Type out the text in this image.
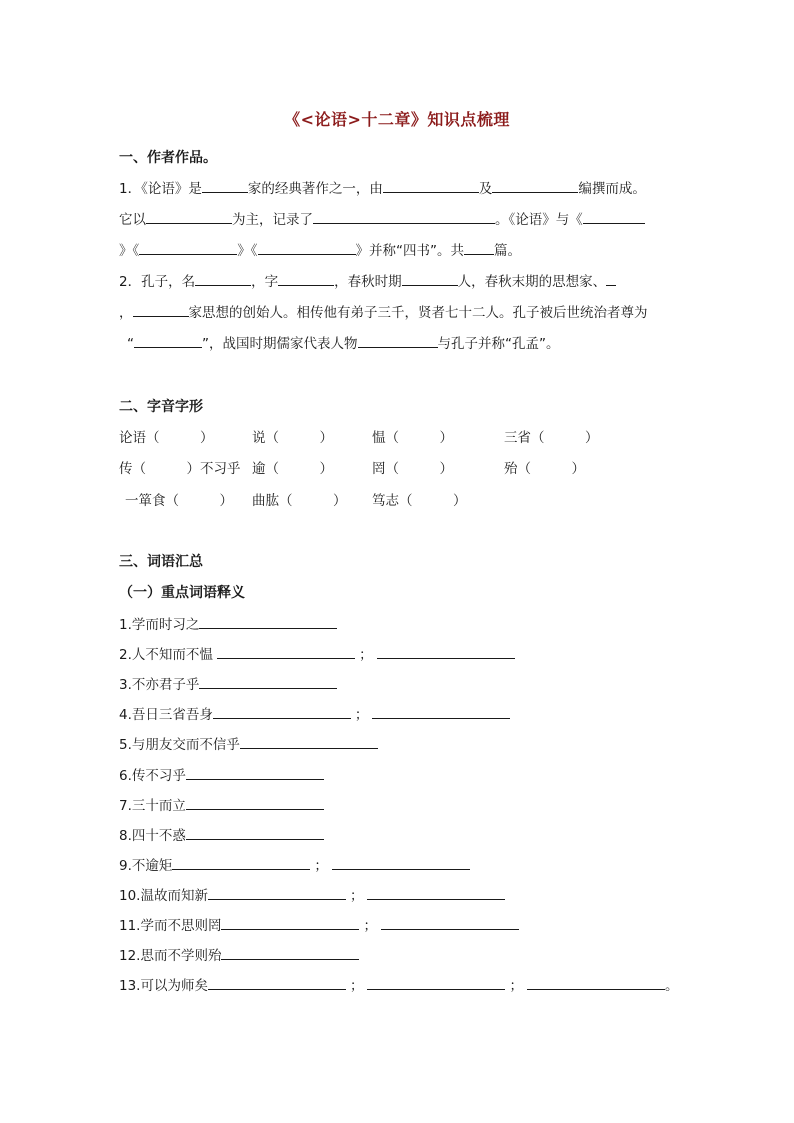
《<论语>十二章》知识点梳理
一、作者作品。
1．《论语》是	家的经典著作之一，由	及	编撰而成。
它以	为主，记录了	。《论语》与《
》《	》《	》并称“四书”。共 篇。
2．孔子，名	，字	，春秋时期	人，春秋末期的思想家、
，	家思想的创始人。相传他有弟子三千，贤者七十二人。孔子被后世统治者尊为
“	”，战国时期儒家代表人物	与孔子并称“孔孟”。
二、字音字形
论语（　　　）	说（　　　）	愠（　　　）	三省（　　　）
传（　　　）不习乎 逾（　　　）	罔（　　　）	殆（　　　）
一箪食（　　　） 曲肱（　　　） 笃志（　　　）
三、词语汇总
（一）重点词语释义
1.学而时习之
2.人不知而不愠	；
3.不亦君子乎
4.吾日三省吾身	；
5.与朋友交而不信乎
6.传不习乎
7.三十而立
8.四十不惑
9.不逾矩	；
10.温故而知新	；
11.学而不思则罔	；
12.思而不学则殆
13.可以为师矣	；	；	。
